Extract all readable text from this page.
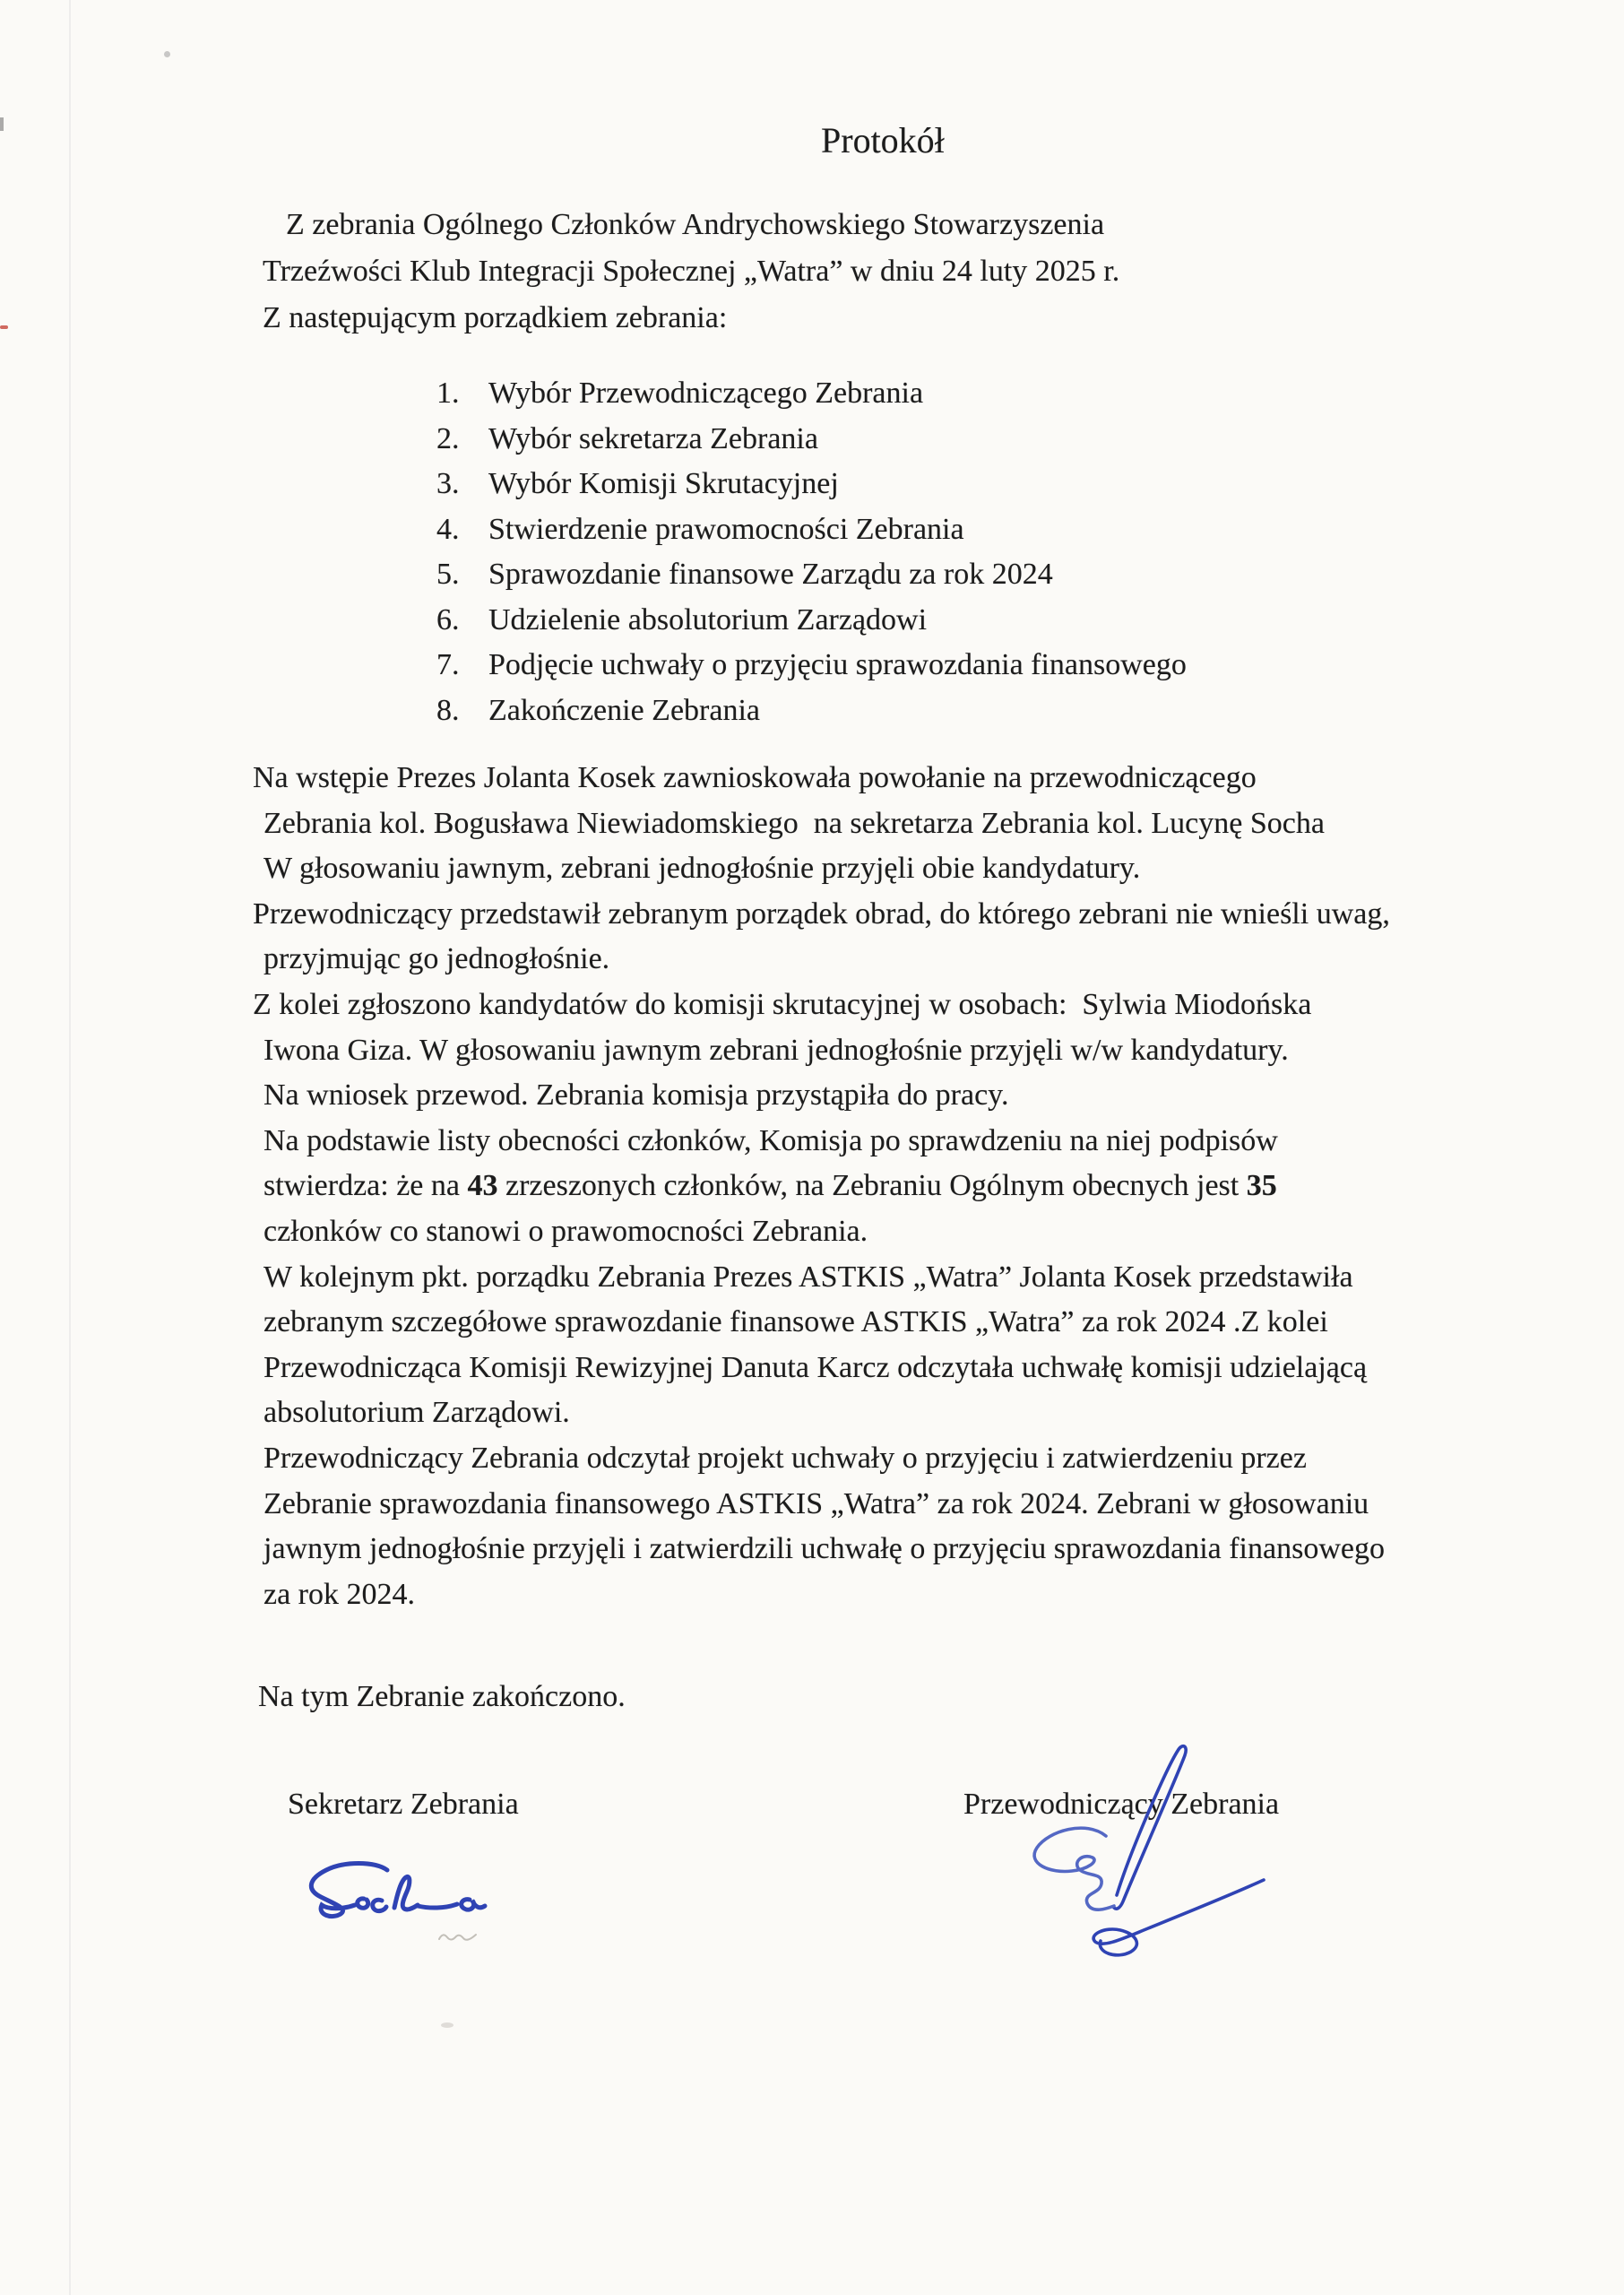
Protokół
Z zebrania Ogólnego Członków Andrychowskiego Stowarzyszenia
Trzeźwości Klub Integracji Społecznej „Watra” w dniu 24 luty 2025 r.
Z następującym porządkiem zebrania:
1. Wybór Przewodniczącego Zebrania
2. Wybór sekretarza Zebrania
3. Wybór Komisji Skrutacyjnej
4. Stwierdzenie prawomocności Zebrania
5. Sprawozdanie finansowe Zarządu za rok 2024
6. Udzielenie absolutorium Zarządowi
7. Podjęcie uchwały o przyjęciu sprawozdania finansowego
8. Zakończenie Zebrania
Na wstępie Prezes Jolanta Kosek zawnioskowała powołanie na przewodniczącego
Zebrania kol. Bogusława Niewiadomskiego  na sekretarza Zebrania kol. Lucynę Socha
W głosowaniu jawnym, zebrani jednogłośnie przyjęli obie kandydatury.
Przewodniczący przedstawił zebranym porządek obrad, do którego zebrani nie wnieśli uwag,
przyjmując go jednogłośnie.
Z kolei zgłoszono kandydatów do komisji skrutacyjnej w osobach:  Sylwia Miodońska
Iwona Giza. W głosowaniu jawnym zebrani jednogłośnie przyjęli w/w kandydatury.
Na wniosek przewod. Zebrania komisja przystąpiła do pracy.
Na podstawie listy obecności członków, Komisja po sprawdzeniu na niej podpisów
stwierdza: że na 43 zrzeszonych członków, na Zebraniu Ogólnym obecnych jest 35
członków co stanowi o prawomocności Zebrania.
W kolejnym pkt. porządku Zebrania Prezes ASTKIS „Watra” Jolanta Kosek przedstawiła
zebranym szczegółowe sprawozdanie finansowe ASTKIS „Watra” za rok 2024 .Z kolei
Przewodnicząca Komisji Rewizyjnej Danuta Karcz odczytała uchwałę komisji udzielającą
absolutorium Zarządowi.
Przewodniczący Zebrania odczytał projekt uchwały o przyjęciu i zatwierdzeniu przez
Zebranie sprawozdania finansowego ASTKIS „Watra” za rok 2024. Zebrani w głosowaniu
jawnym jednogłośnie przyjęli i zatwierdzili uchwałę o przyjęciu sprawozdania finansowego
za rok 2024.
Na tym Zebranie zakończono.
Sekretarz Zebrania	Przewodniczący Zebrania
